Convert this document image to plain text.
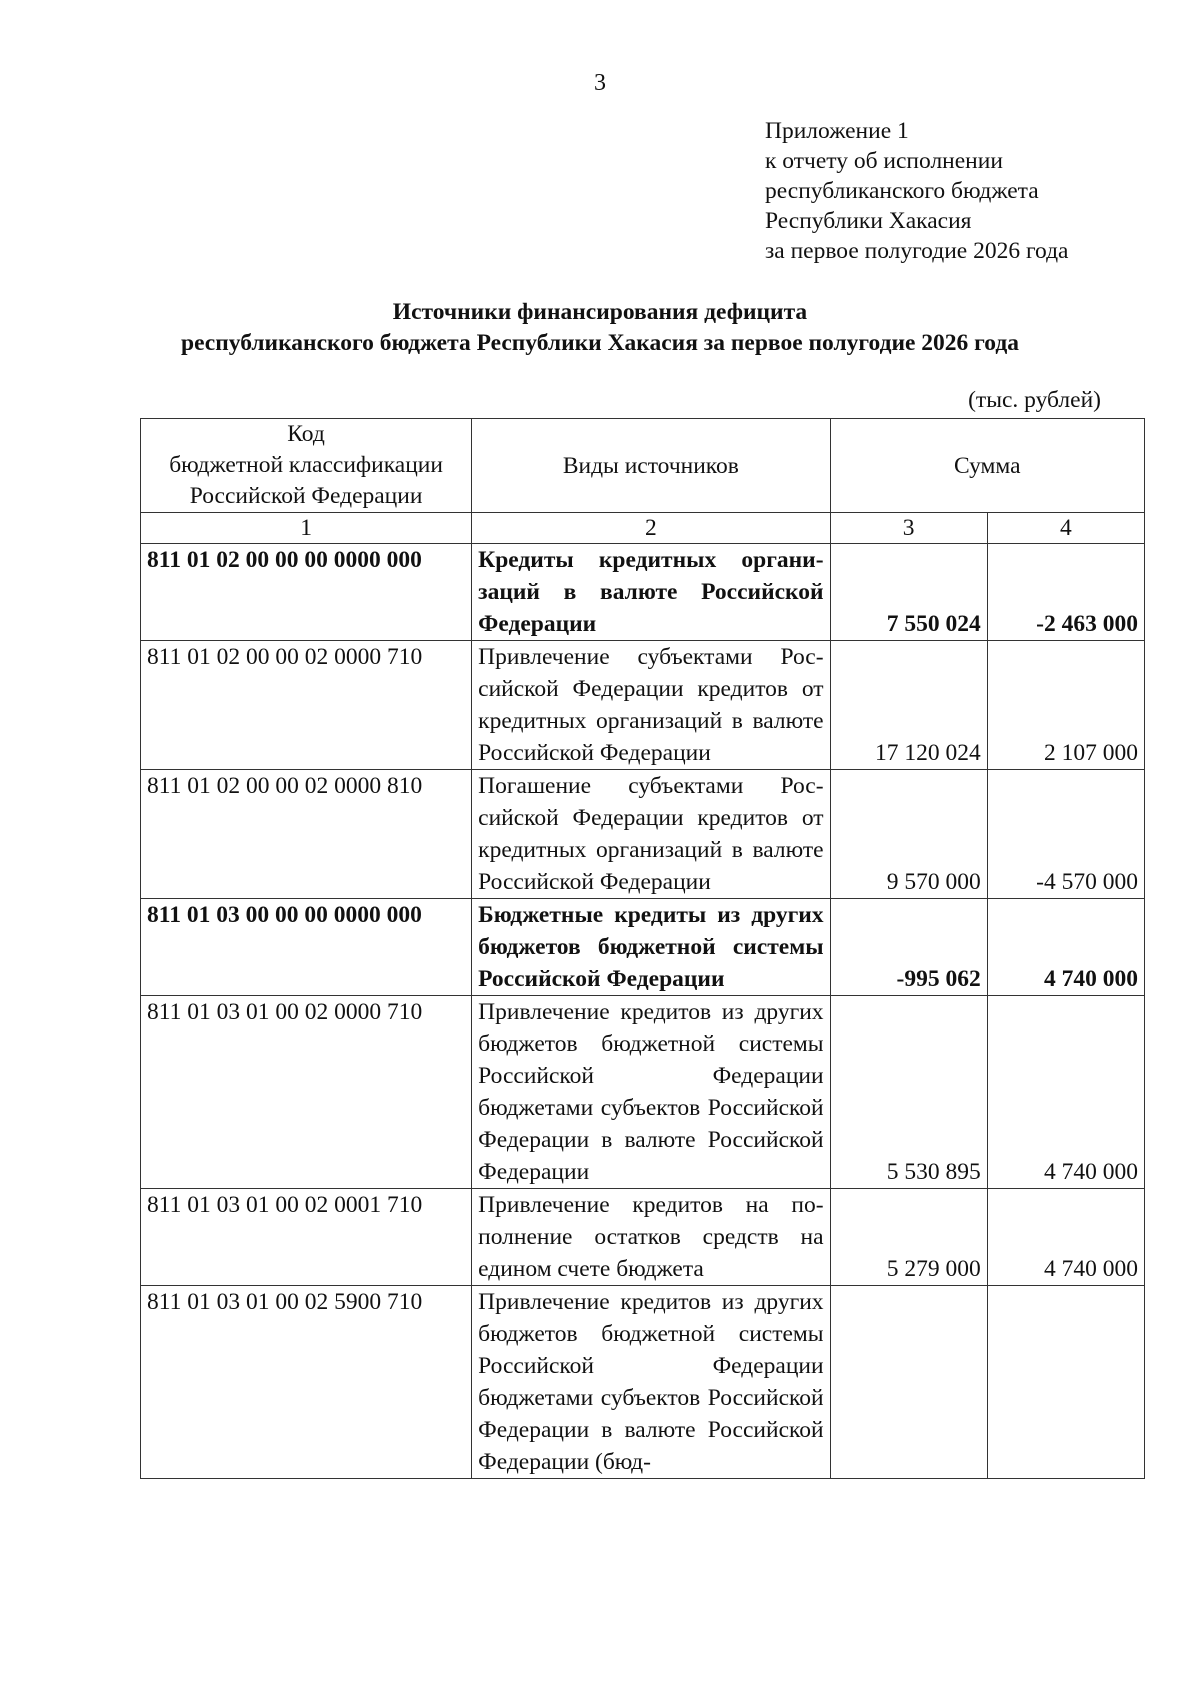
3
Приложение 1
к отчету об исполнении
республиканского бюджета
Республики Хакасия
за первое полугодие 2026 года
Источники финансирования дефицита
республиканского бюджета Республики Хакасия за первое полугодие 2026 года
(тыс. рублей)
Код
бюджетной классификации
Российской Федерации	Виды источников	Сумма	
1	2	3	4
811 01 02 00 00 00 0000 000	Кредиты кредитных организаций в валюте Российской Федерации	7 550 024	-2 463 000
811 01 02 00 00 02 0000 710	Привлечение субъектами Российской Федерации кредитов от кредитных организаций в валюте Российской Федерации	17 120 024	2 107 000
811 01 02 00 00 02 0000 810	Погашение субъектами Российской Федерации кредитов от кредитных организаций в валюте Российской Федерации	9 570 000	-4 570 000
811 01 03 00 00 00 0000 000	Бюджетные кредиты из других бюджетов бюджетной системы Российской Федерации	-995 062	4 740 000
811 01 03 01 00 02 0000 710	Привлечение кредитов из других бюджетов бюджетной системы Российской Федерации бюджетами субъектов Российской Федерации в валюте Российской Федерации	5 530 895	4 740 000
811 01 03 01 00 02 0001 710	Привлечение кредитов на пополнение остатков средств на едином счете бюджета	5 279 000	4 740 000
811 01 03 01 00 02 5900 710	Привлечение кредитов из других бюджетов бюджетной системы Российской Федерации бюджетами субъектов Российской Федерации в валюте Российской Федерации (бюд-		
